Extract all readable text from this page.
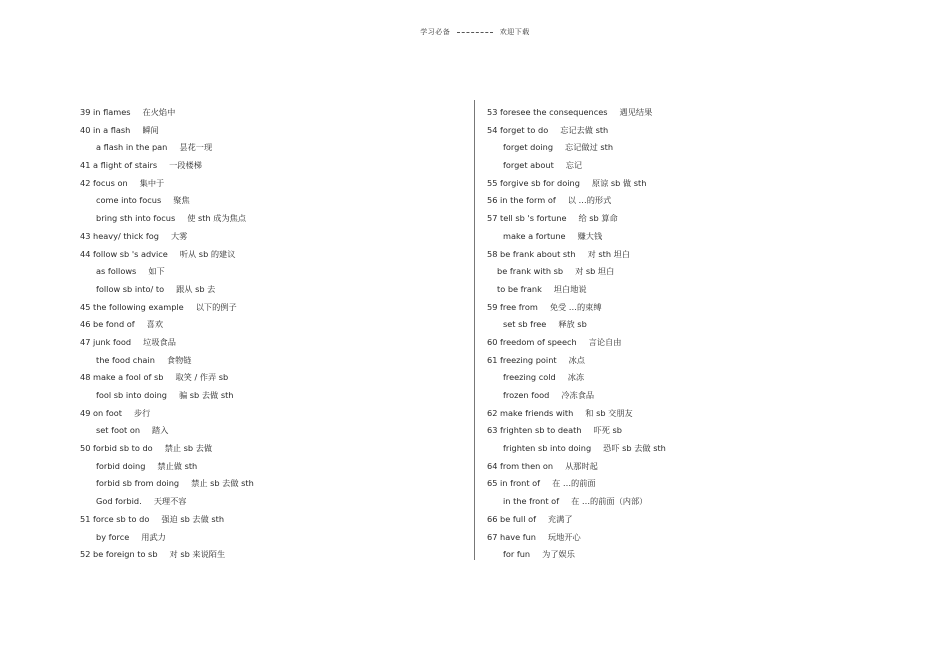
学习必备	欢迎下载
39 in flames 在火焰中
40 in a flash 瞬间
a flash in the pan 昙花一现
41 a flight of stairs 一段楼梯
42 focus on 集中于
come into focus 聚焦
bring sth into focus 使 sth 成为焦点
43 heavy/ thick fog 大雾
44 follow sb 's advice 听从 sb 的建议
as follows 如下
follow sb into/ to 跟从 sb 去
45 the following example 以下的例子
46 be fond of 喜欢
47 junk food 垃圾食品
the food chain 食物链
48 make a fool of sb 取笑 / 作弄 sb
fool sb into doing 骗 sb 去做 sth
49 on foot 步行
set foot on 踏入
50 forbid sb to do 禁止 sb 去做
forbid doing 禁止做 sth
forbid sb from doing 禁止 sb 去做 sth
God forbid. 天理不容
51 force sb to do 强迫 sb 去做 sth
by force 用武力
52 be foreign to sb 对 sb 来说陌生
53 foresee the consequences 遇见结果
54 forget to do 忘记去做 sth
forget doing 忘记做过 sth
forget about 忘记
55 forgive sb for doing 原谅 sb 做 sth
56 in the form of 以 …的形式
57 tell sb 's fortune 给 sb 算命
make a fortune 赚大钱
58 be frank about sth 对 sth 坦白
be frank with sb 对 sb 坦白
to be frank 坦白地说
59 free from 免受 …的束缚
set sb free 释放 sb
60 freedom of speech 言论自由
61 freezing point 冰点
freezing cold 冰冻
frozen food 冷冻食品
62 make friends with 和 sb 交朋友
63 frighten sb to death 吓死 sb
frighten sb into doing 恐吓 sb 去做 sth
64 from then on 从那时起
65 in front of 在 …的前面
in the front of 在 …的前面（内部）
66 be full of 充满了
67 have fun 玩地开心
for fun 为了娱乐
